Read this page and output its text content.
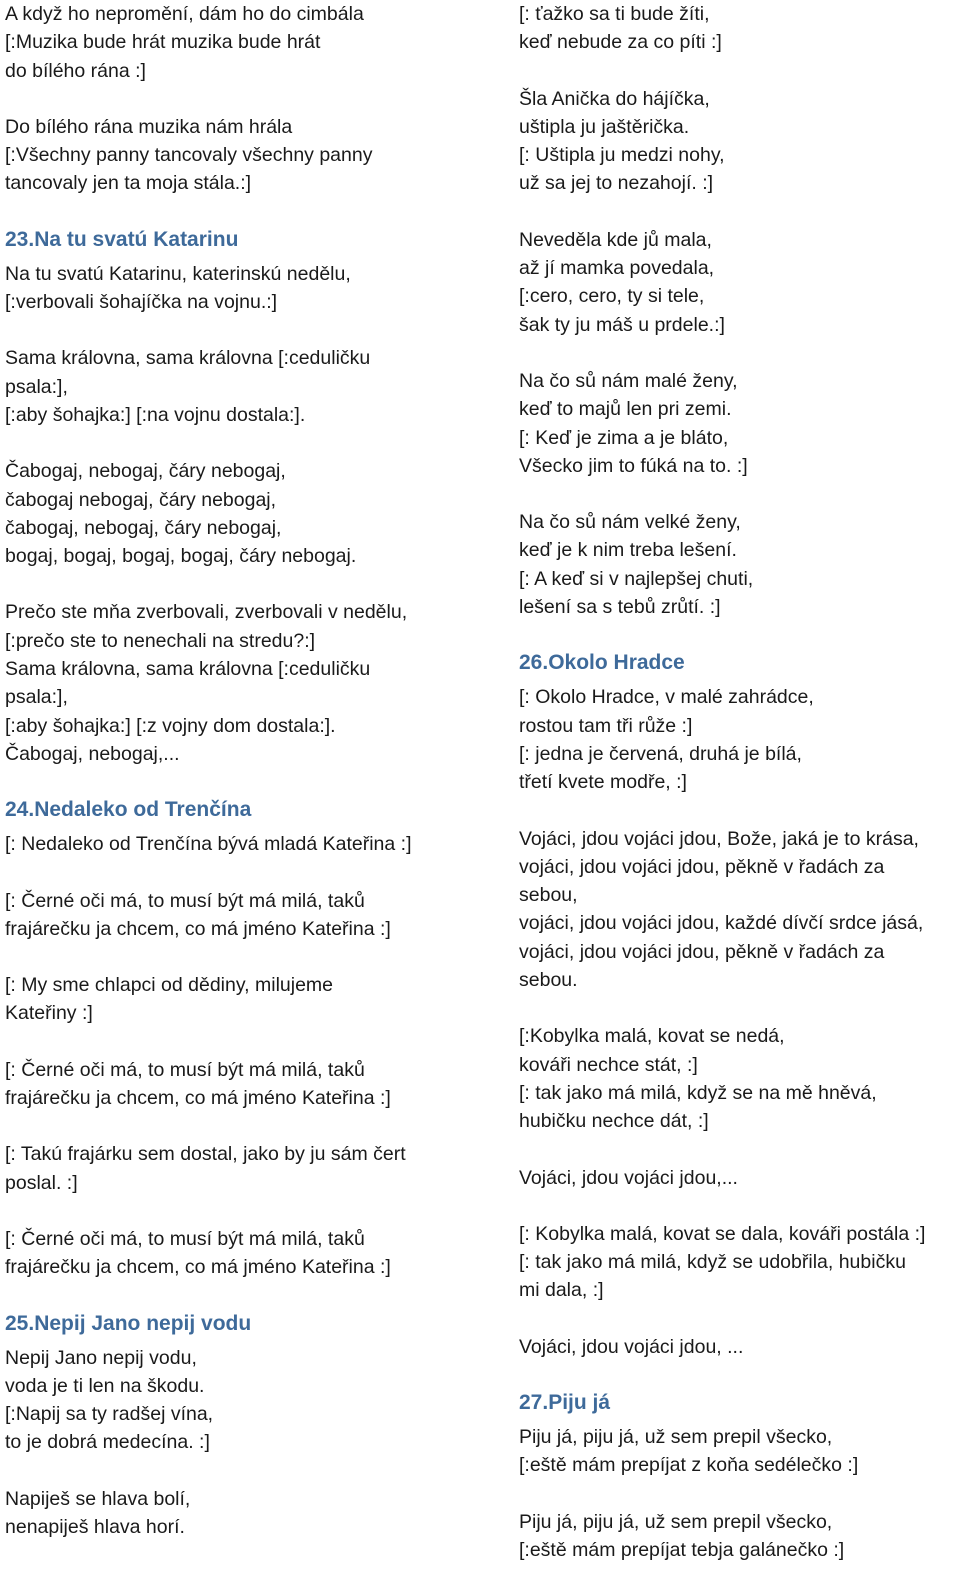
A když ho nepromění, dám ho do cimbála
[:Muzika bude hrát muzika bude hrát
do bílého rána :]
Do bílého rána muzika nám hrála
[:Všechny panny tancovaly všechny panny
tancovaly jen ta moja stála.:]
23.Na tu svatú Katarinu
Na tu svatú Katarinu, katerinskú nedělu,
[:verbovali šohajíčka na vojnu.:]
Sama královna, sama královna [:ceduličku
psala:],
[:aby šohajka:] [:na vojnu dostala:].
Čabogaj, nebogaj, čáry nebogaj,
čabogaj nebogaj, čáry nebogaj,
čabogaj, nebogaj, čáry nebogaj,
bogaj, bogaj, bogaj, bogaj, čáry nebogaj.
Prečo ste mňa zverbovali, zverbovali v nedělu,
[:prečo ste to nenechali na stredu?:]
Sama královna, sama královna [:ceduličku
psala:],
[:aby šohajka:] [:z vojny dom dostala:].
Čabogaj, nebogaj,...
24.Nedaleko od Trenčína
[: Nedaleko od Trenčína bývá mladá Kateřina :]
[: Černé oči má, to musí být má milá, taků
frajárečku ja chcem, co má jméno Kateřina :]
[: My sme chlapci od dědiny, milujeme
Kateřiny :]
[: Černé oči má, to musí být má milá, taků
frajárečku ja chcem, co má jméno Kateřina :]
[: Takú frajárku sem dostal, jako by ju sám čert
poslal. :]
[: Černé oči má, to musí být má milá, taků
frajárečku ja chcem, co má jméno Kateřina :]
25.Nepij Jano nepij vodu
Nepij Jano nepij vodu,
voda je ti len na škodu.
[:Napij sa ty radšej vína,
to je dobrá medecína. :]
Napiješ se hlava bolí,
nenapiješ hlava horí.
[: ťažko sa ti bude žíti,
keď nebude za co píti :]
Šla Anička do hájíčka,
uštipla ju jaštěrička.
[: Uštipla ju medzi nohy,
už sa jej to nezahojí. :]
Neveděla kde jů mala,
až jí mamka povedala,
[:cero, cero, ty si tele,
šak ty ju máš u prdele.:]
Na čo sů nám malé ženy,
keď to majů len pri zemi.
[: Keď je zima a je bláto,
Všecko jim to fúká na to. :]
Na čo sů nám velké ženy,
keď je k nim treba lešení.
[: A keď si v najlepšej chuti,
lešení sa s tebů zrůtí. :]
26.Okolo Hradce
[: Okolo Hradce, v malé zahrádce,
rostou tam tři růže :]
[: jedna je červená, druhá je bílá,
třetí kvete modře, :]
Vojáci, jdou vojáci jdou, Bože, jaká je to krása,
vojáci, jdou vojáci jdou, pěkně v řadách za
sebou,
vojáci, jdou vojáci jdou, každé dívčí srdce jásá,
vojáci, jdou vojáci jdou, pěkně v řadách za
sebou.
[:Kobylka malá, kovat se nedá,
kováři nechce stát, :]
[: tak jako má milá, když se na mě hněvá,
hubičku nechce dát, :]
Vojáci, jdou vojáci jdou,...
[: Kobylka malá, kovat se dala, kováři postála :]
[: tak jako má milá, když se udobřila, hubičku
mi dala, :]
Vojáci, jdou vojáci jdou, ...
27.Piju já
Piju já, piju já, už sem prepil všecko,
[:eště mám prepíjat z koňa sedélečko :]
Piju já, piju já, už sem prepil všecko,
[:eště mám prepíjat tebja galánečko :]
